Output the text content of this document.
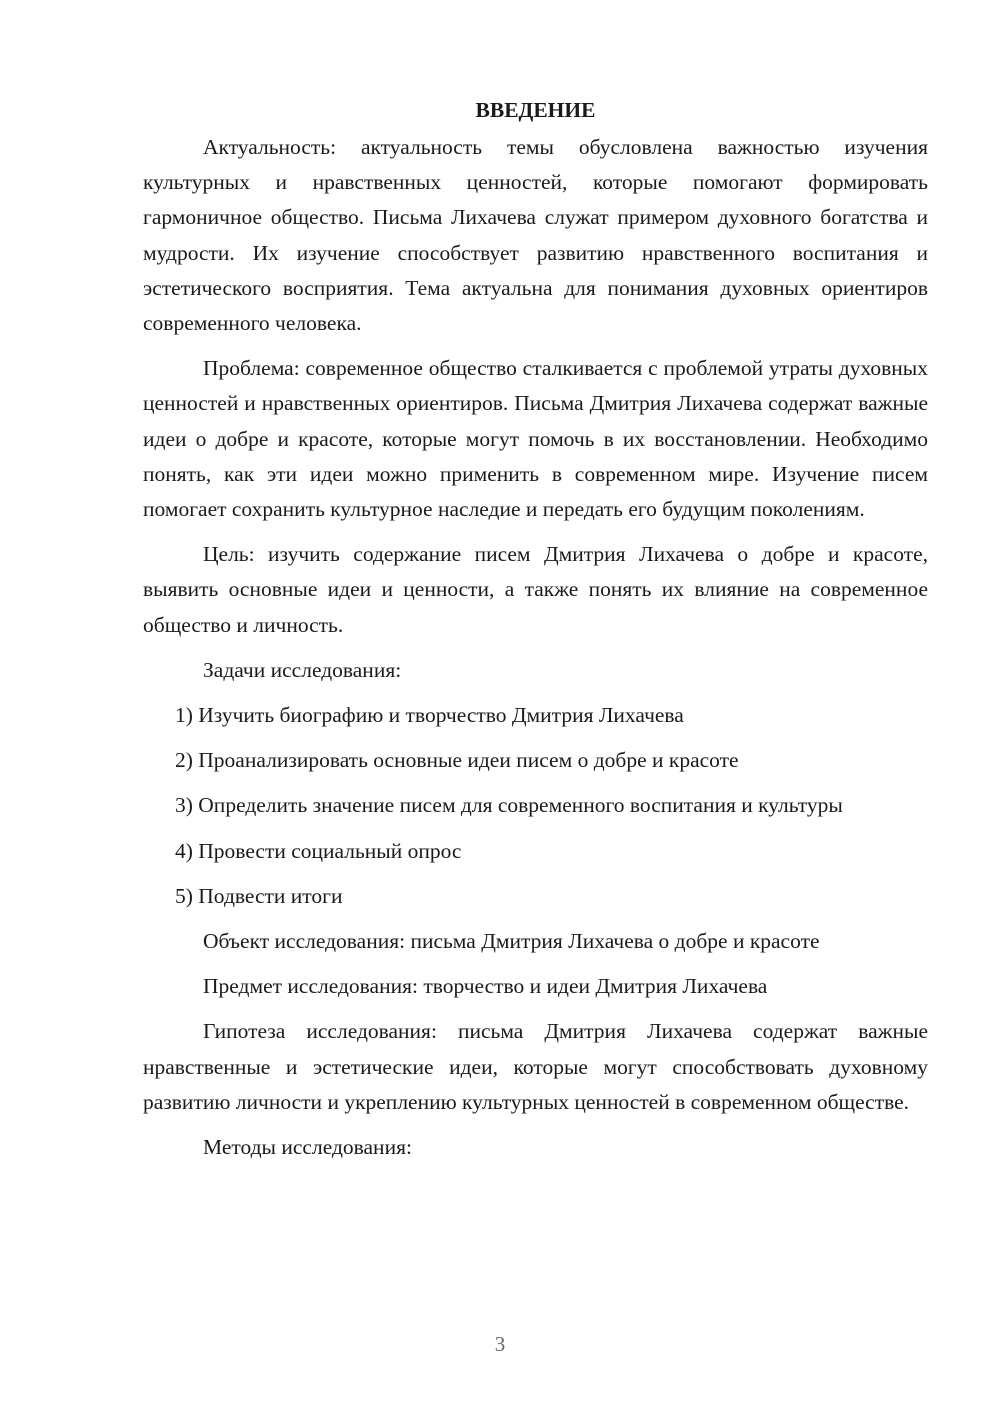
ВВЕДЕНИЕ

Актуальность: актуальность темы обусловлена важностью изучения культурных и нравственных ценностей, которые помогают формировать гармоничное общество. Письма Лихачева служат примером духовного богатства и мудрости. Их изучение способствует развитию нравственного воспитания и эстетического восприятия. Тема актуальна для понимания духовных ориентиров современного человека.

Проблема: современное общество сталкивается с проблемой утраты духовных ценностей и нравственных ориентиров. Письма Дмитрия Лихачева содержат важные идеи о добре и красоте, которые могут помочь в их восстановлении. Необходимо понять, как эти идеи можно применить в современном мире. Изучение писем помогает сохранить культурное наследие и передать его будущим поколениям.

Цель: изучить содержание писем Дмитрия Лихачева о добре и красоте, выявить основные идеи и ценности, а также понять их влияние на современное общество и личность.

Задачи исследования:

1) Изучить биографию и творчество Дмитрия Лихачева

2) Проанализировать основные идеи писем о добре и красоте

3) Определить значение писем для современного воспитания и культуры

4) Провести социальный опрос

5) Подвести итоги

Объект исследования: письма Дмитрия Лихачева о добре и красоте

Предмет исследования: творчество и идеи Дмитрия Лихачева

Гипотеза исследования: письма Дмитрия Лихачева содержат важные нравственные и эстетические идеи, которые могут способствовать духовному развитию личности и укреплению культурных ценностей в современном обществе.

Методы исследования:

3
